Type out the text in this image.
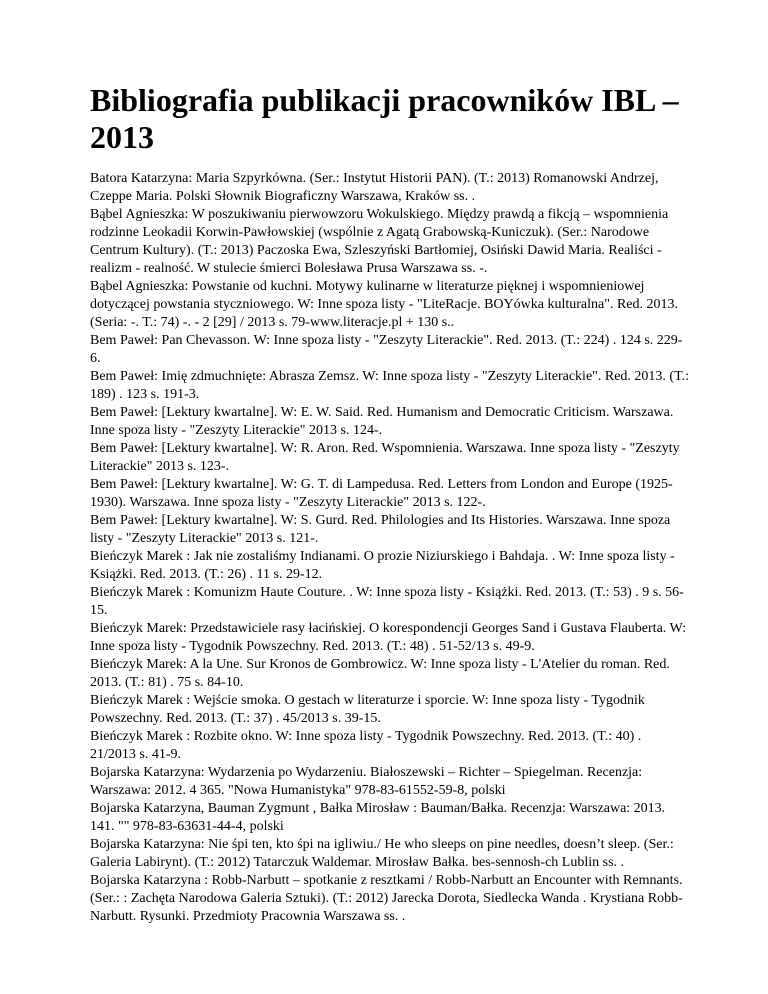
Bibliografia publikacji pracowników IBL – 2013

Batora Katarzyna: Maria Szpyrkówna. (Ser.: Instytut Historii PAN). (T.: 2013) Romanowski Andrzej, Czeppe Maria. Polski Słownik Biograficzny Warszawa, Kraków ss. .

Bąbel Agnieszka: W poszukiwaniu pierwowzoru Wokulskiego. Między prawdą a fikcją – wspomnienia rodzinne Leokadii Korwin-Pawłowskiej (wspólnie z Agatą Grabowską-Kuniczuk). (Ser.: Narodowe Centrum Kultury). (T.: 2013) Paczoska Ewa, Szleszyński Bartłomiej, Osiński Dawid Maria. Realiści - realizm - realność. W stulecie śmierci Bolesława Prusa Warszawa ss. -.

Bąbel Agnieszka: Powstanie od kuchni. Motywy kulinarne w literaturze pięknej i wspomnieniowej dotyczącej powstania styczniowego. W: Inne spoza listy - "LiteRacje. BOYówka kulturalna". Red. 2013. (Seria: -. T.: 74) -. - 2 [29] / 2013 s. 79-www.literacje.pl + 130 s..

Bem Paweł: Pan Chevasson. W: Inne spoza listy - "Zeszyty Literackie". Red. 2013. (T.: 224) . 124 s. 229-6.

Bem Paweł: Imię zdmuchnięte: Abrasza Zemsz. W: Inne spoza listy - "Zeszyty Literackie". Red. 2013. (T.: 189) . 123 s. 191-3.

Bem Paweł: [Lektury kwartalne]. W: E. W. Said. Red. Humanism and Democratic Criticism. Warszawa. Inne spoza listy - "Zeszyty Literackie" 2013 s. 124-.

Bem Paweł: [Lektury kwartalne]. W: R. Aron. Red. Wspomnienia. Warszawa. Inne spoza listy - "Zeszyty Literackie" 2013 s. 123-.

Bem Paweł: [Lektury kwartalne]. W: G. T. di Lampedusa. Red. Letters from London and Europe (1925-1930). Warszawa. Inne spoza listy - "Zeszyty Literackie" 2013 s. 122-.

Bem Paweł: [Lektury kwartalne]. W: S. Gurd. Red. Philologies and Its Histories. Warszawa. Inne spoza listy - "Zeszyty Literackie" 2013 s. 121-.

Bieńczyk Marek : Jak nie zostaliśmy Indianami. O prozie Niziurskiego i Bahdaja. . W: Inne spoza listy - Książki. Red. 2013. (T.: 26) . 11 s. 29-12.

Bieńczyk Marek : Komunizm Haute Couture. . W: Inne spoza listy - Książki. Red. 2013. (T.: 53) . 9 s. 56-15.

Bieńczyk Marek: Przedstawiciele rasy łacińskiej. O korespondencji Georges Sand i Gustava Flauberta. W: Inne spoza listy - Tygodnik Powszechny. Red. 2013. (T.: 48) . 51-52/13 s. 49-9.

Bieńczyk Marek: A la Une. Sur Kronos de Gombrowicz. W: Inne spoza listy - L'Atelier du roman. Red. 2013. (T.: 81) . 75 s. 84-10.

Bieńczyk Marek : Wejście smoka. O gestach w literaturze i sporcie. W: Inne spoza listy - Tygodnik Powszechny. Red. 2013. (T.: 37) . 45/2013 s. 39-15.

Bieńczyk Marek : Rozbite okno. W: Inne spoza listy - Tygodnik Powszechny. Red. 2013. (T.: 40) . 21/2013 s. 41-9.

Bojarska Katarzyna: Wydarzenia po Wydarzeniu. Białoszewski – Richter – Spiegelman. Recenzja: Warszawa: 2012. 4 365. "Nowa Humanistyka" 978-83-61552-59-8, polski

Bojarska Katarzyna, Bauman Zygmunt , Bałka Mirosław : Bauman/Bałka. Recenzja: Warszawa: 2013. 141. "" 978-83-63631-44-4, polski

Bojarska Katarzyna: Nie śpi ten, kto śpi na igliwiu./ He who sleeps on pine needles, doesn’t sleep. (Ser.: Galeria Labirynt). (T.: 2012) Tatarczuk Waldemar. Mirosław Bałka. bes-sennosh-ch Lublin ss. .

Bojarska Katarzyna : Robb-Narbutt – spotkanie z resztkami / Robb-Narbutt an Encounter with Remnants. (Ser.: : Zachęta Narodowa Galeria Sztuki). (T.: 2012) Jarecka Dorota, Siedlecka Wanda . Krystiana Robb-Narbutt. Rysunki. Przedmioty Pracownia Warszawa ss. .
